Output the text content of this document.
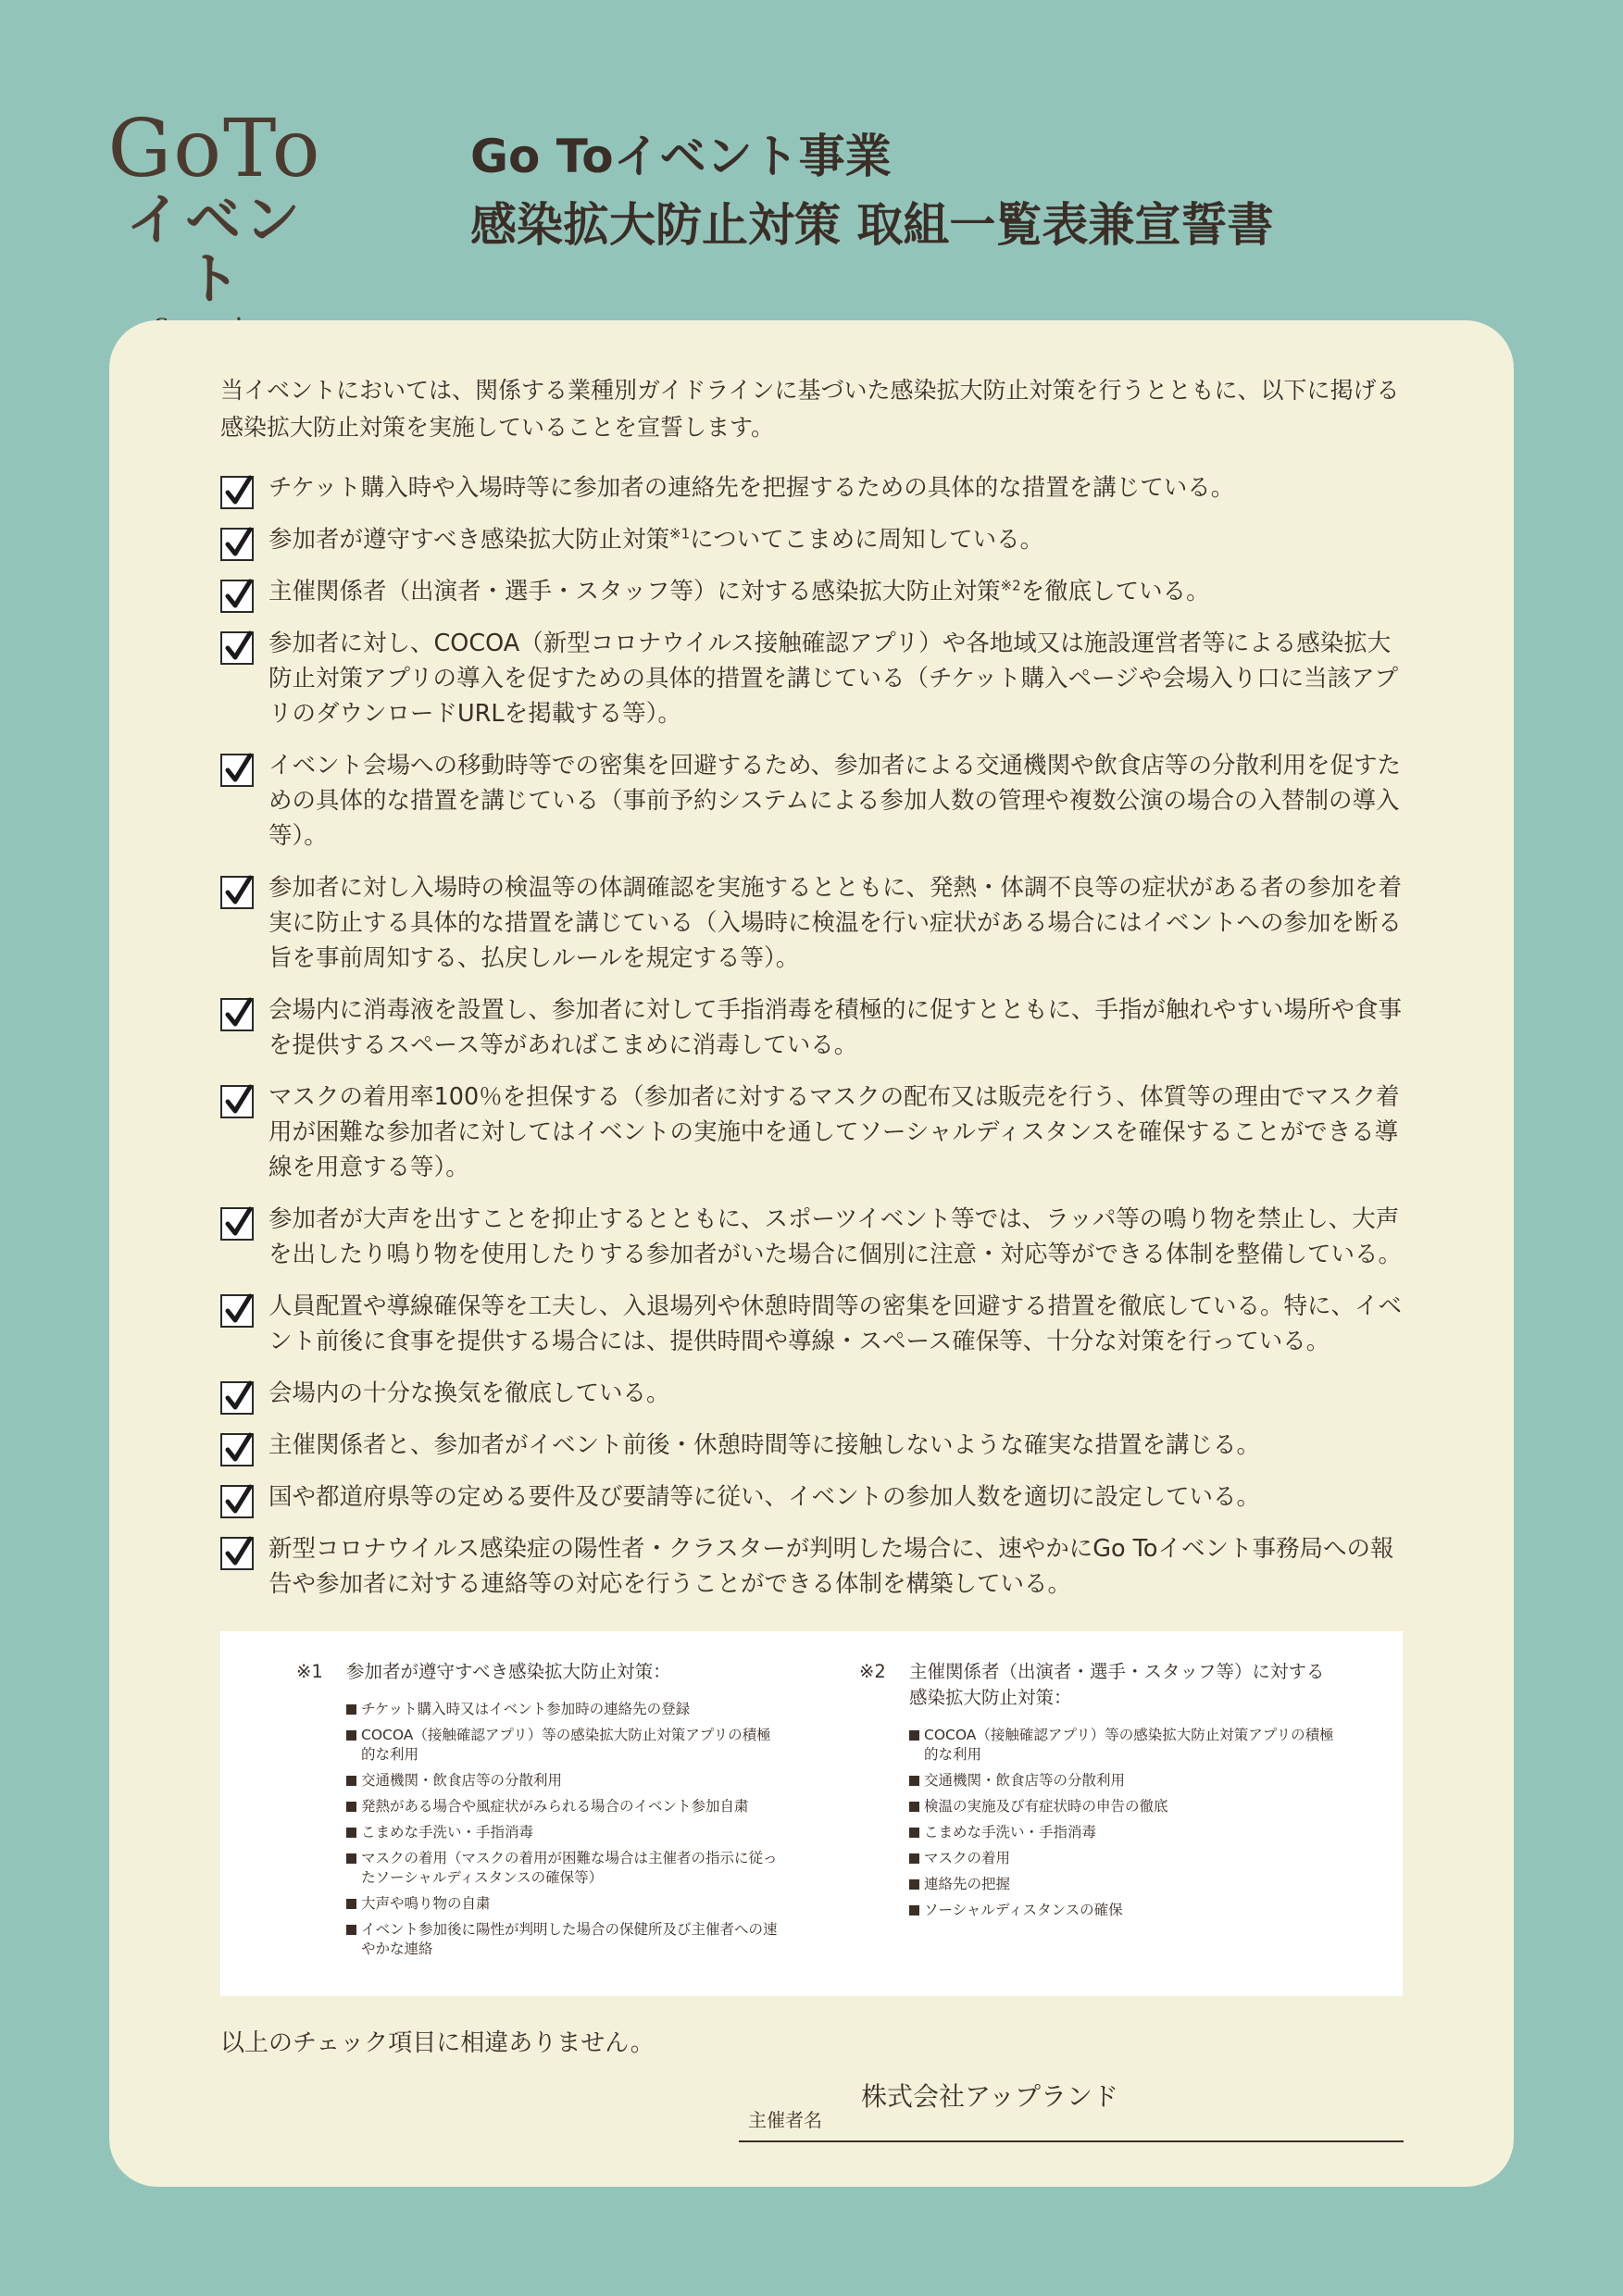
GoTo
イベント
Go Toイベント事業
感染拡大防止対策 取組一覧表兼宣誓書

当イベントにおいては、関係する業種別ガイドラインに基づいた感染拡大防止対策を行うとともに、以下に掲げる感染拡大防止対策を実施していることを宣誓します。

チケット購入時や入場時等に参加者の連絡先を把握するための具体的な措置を講じている。
参加者が遵守すべき感染拡大防止対策$^{※1}$についてこまめに周知している。
主催関係者（出演者・選手・スタッフ等）に対する感染拡大防止対策$^{※2}$を徹底している。
参加者に対し、COCOA（新型コロナウイルス接触確認アプリ）や各地域又は施設運営者等による感染拡大防止対策アプリの導入を促すための具体的措置を講じている（チケット購入ページや会場入り口に当該アプリのダウンロードURLを掲載する等）。
イベント会場への移動時等での密集を回避するため、参加者による交通機関や飲食店等の分散利用を促すための具体的な措置を講じている（事前予約システムによる参加人数の管理や複数公演の場合の入替制の導入等）。
参加者に対し入場時の検温等の体調確認を実施するとともに、発熱・体調不良等の症状がある者の参加を着実に防止する具体的な措置を講じている（入場時に検温を行い症状がある場合にはイベントへの参加を断る旨を事前周知する、払戻しルールを規定する等）。
会場内に消毒液を設置し、参加者に対して手指消毒を積極的に促すとともに、手指が触れやすい場所や食事を提供するスペース等があればこまめに消毒している。
マスクの着用率100％を担保する（参加者に対するマスクの配布又は販売を行う、体質等の理由でマスク着用が困難な参加者に対してはイベントの実施中を通してソーシャルディスタンスを確保することができる導線を用意する等）。
参加者が大声を出すことを抑止するとともに、スポーツイベント等では、ラッパ等の鳴り物を禁止し、大声を出したり鳴り物を使用したりする参加者がいた場合に個別に注意・対応等ができる体制を整備している。
人員配置や導線確保等を工夫し、入退場列や休憩時間等の密集を回避する措置を徹底している。特に、イベント前後に食事を提供する場合には、提供時間や導線・スペース確保等、十分な対策を行っている。
会場内の十分な換気を徹底している。
主催関係者と、参加者がイベント前後・休憩時間等に接触しないような確実な措置を講じる。
国や都道府県等の定める要件及び要請等に従い、イベントの参加人数を適切に設定している。
新型コロナウイルス感染症の陽性者・クラスターが判明した場合に、速やかにGo Toイベント事務局への報告や参加者に対する連絡等の対応を行うことができる体制を構築している。
※1 参加者が遵守すべき感染拡大防止対策：
チケット購入時又はイベント参加時の連絡先の登録
COCOA（接触確認アプリ）等の感染拡大防止対策アプリの積極的な利用
交通機関・飲食店等の分散利用
発熱がある場合や風症状がみられる場合のイベント参加自粛
こまめな手洗い・手指消毒
マスクの着用（マスクの着用が困難な場合は主催者の指示に従ったソーシャルディスタンスの確保等）
大声や鳴り物の自粛
イベント参加後に陽性が判明した場合の保健所及び主催者への速やかな連絡
※2 主催関係者（出演者・選手・スタッフ等）に対する感染拡大防止対策：
COCOA（接触確認アプリ）等の感染拡大防止対策アプリの積極的な利用
交通機関・飲食店等の分散利用
検温の実施及び有症状時の申告の徹底
こまめな手洗い・手指消毒
マスクの着用
連絡先の把握
ソーシャルディスタンスの確保

以上のチェック項目に相違ありません。

主催者名
株式会社アップランド
